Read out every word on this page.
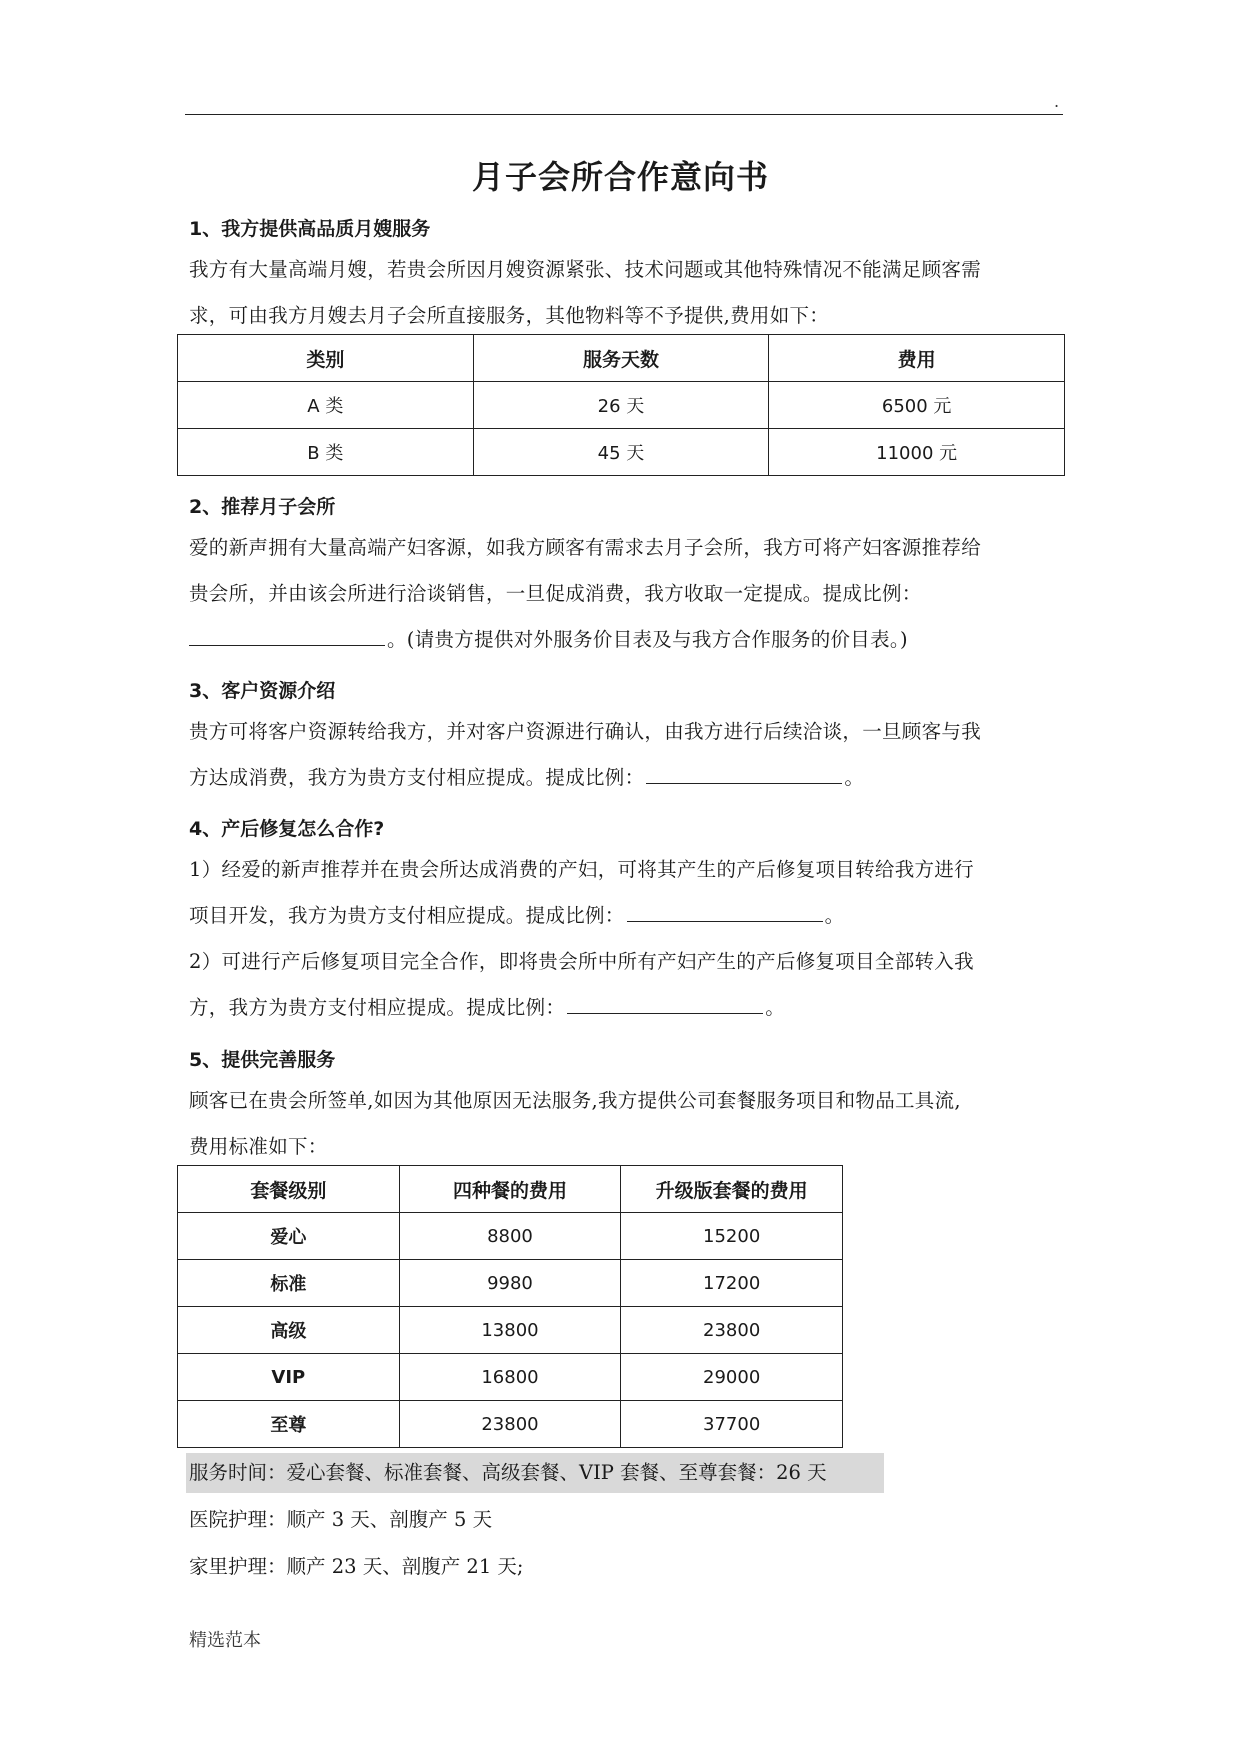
.
月子会所合作意向书
1、我方提供高品质月嫂服务
我方有大量高端月嫂，若贵会所因月嫂资源紧张、技术问题或其他特殊情况不能满足顾客需
求，可由我方月嫂去月子会所直接服务，其他物料等不予提供,费用如下：
类别	服务天数	费用
A 类	26 天	6500 元
B 类	45 天	11000 元
2、推荐月子会所
爱的新声拥有大量高端产妇客源，如我方顾客有需求去月子会所，我方可将产妇客源推荐给
贵会所，并由该会所进行洽谈销售，一旦促成消费，我方收取一定提成。提成比例：
。(请贵方提供对外服务价目表及与我方合作服务的价目表。)
3、客户资源介绍
贵方可将客户资源转给我方，并对客户资源进行确认，由我方进行后续洽谈，一旦顾客与我
方达成消费，我方为贵方支付相应提成。提成比例：	。
4、产后修复怎么合作?
1）经爱的新声推荐并在贵会所达成消费的产妇，可将其产生的产后修复项目转给我方进行
项目开发，我方为贵方支付相应提成。提成比例：	。
2）可进行产后修复项目完全合作，即将贵会所中所有产妇产生的产后修复项目全部转入我
方，我方为贵方支付相应提成。提成比例：	。
5、提供完善服务
顾客已在贵会所签单,如因为其他原因无法服务,我方提供公司套餐服务项目和物品工具流,
费用标准如下：
套餐级别	四种餐的费用	升级版套餐的费用
爱心	8800	15200
标准	9980	17200
高级	13800	23800
VIP	16800	29000
至尊	23800	37700
服务时间：爱心套餐、标准套餐、高级套餐、VIP 套餐、至尊套餐：26 天
医院护理：顺产 3 天、剖腹产 5 天
家里护理：顺产 23 天、剖腹产 21 天;
精选范本
